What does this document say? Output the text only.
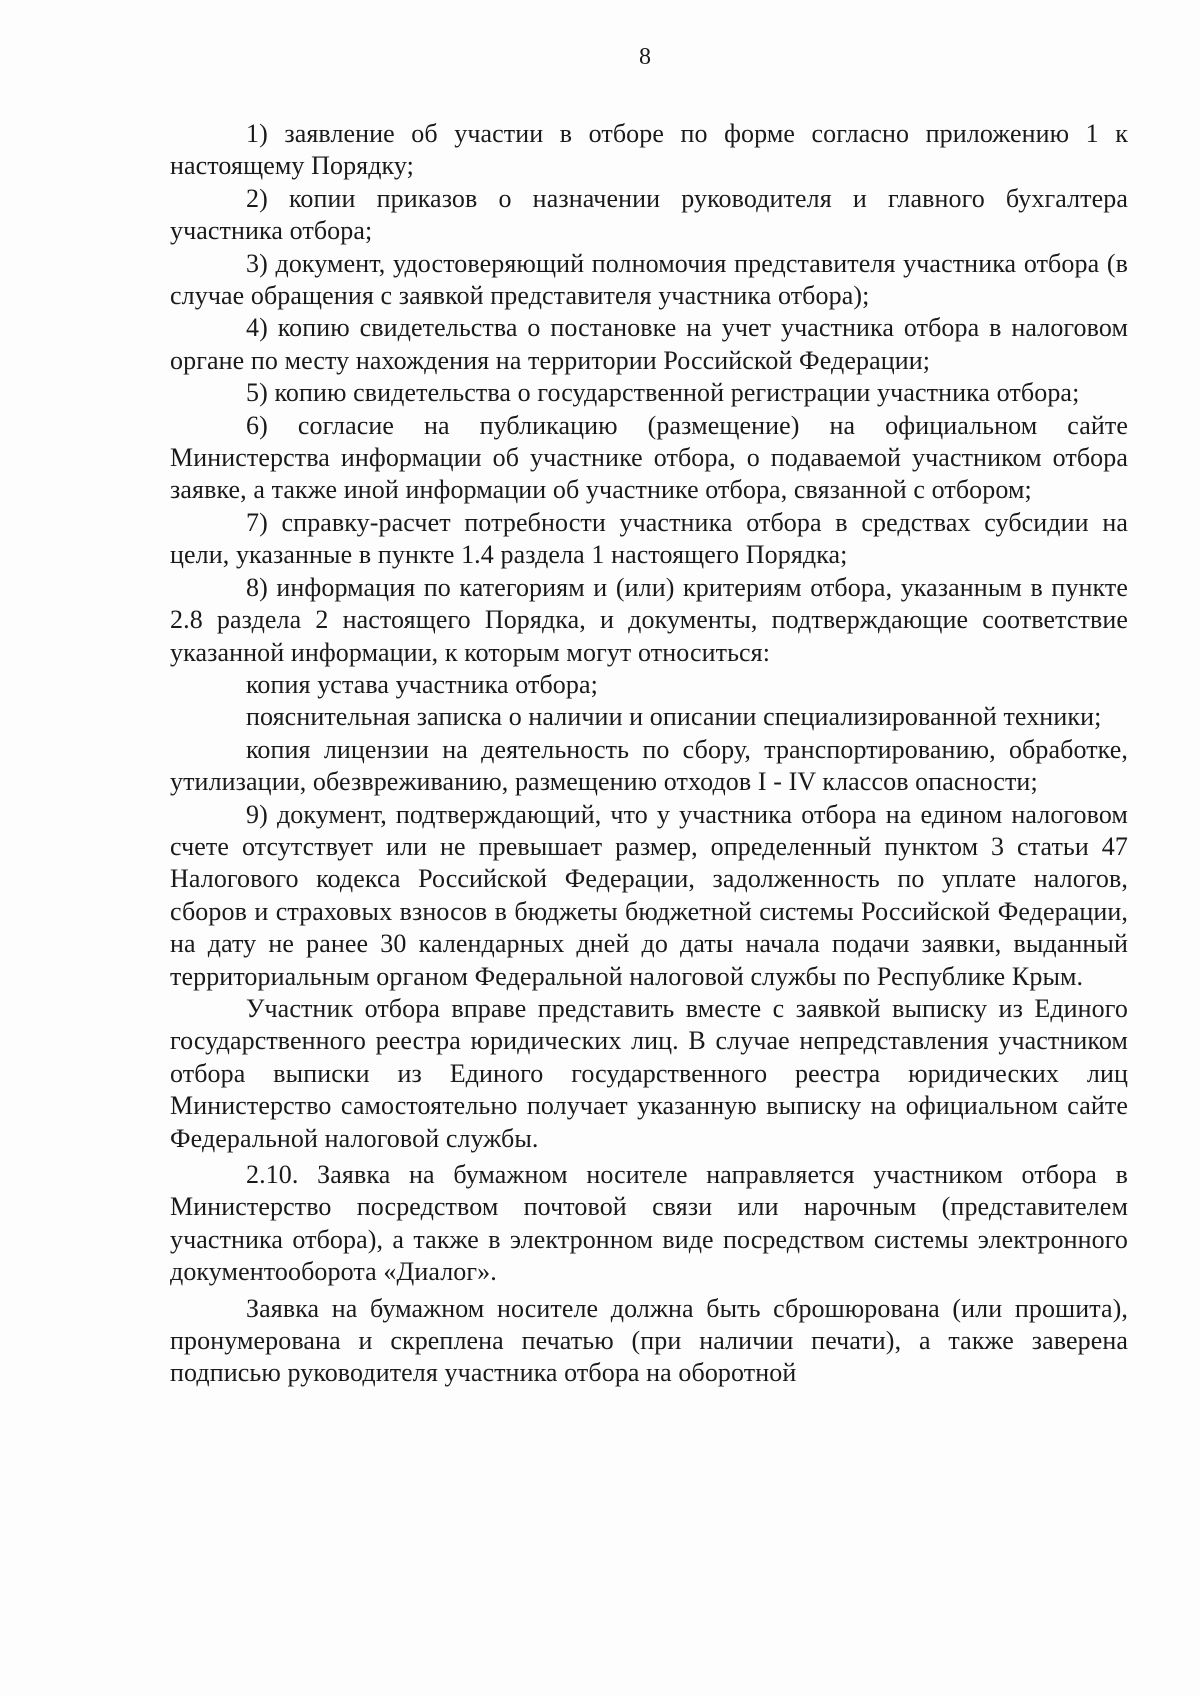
8

1) заявление об участии в отборе по форме согласно приложению 1 к настоящему Порядку;

2) копии приказов о назначении руководителя и главного бухгалтера участника отбора;

3) документ, удостоверяющий полномочия представителя участника отбора (в случае обращения с заявкой представителя участника отбора);

4) копию свидетельства о постановке на учет участника отбора в налоговом органе по месту нахождения на территории Российской Федерации;

5) копию свидетельства о государственной регистрации участника отбора;

6) согласие на публикацию (размещение) на официальном сайте Министерства информации об участнике отбора, о подаваемой участником отбора заявке, а также иной информации об участнике отбора, связанной с отбором;

7) справку-расчет потребности участника отбора в средствах субсидии на цели, указанные в пункте 1.4 раздела 1 настоящего Порядка;

8) информация по категориям и (или) критериям отбора, указанным в пункте 2.8 раздела 2 настоящего Порядка, и документы, подтверждающие соответствие указанной информации, к которым могут относиться:

копия устава участника отбора;

пояснительная записка о наличии и описании специализированной техники;

копия лицензии на деятельность по сбору, транспортированию, обработке, утилизации, обезвреживанию, размещению отходов I - IV классов опасности;

9) документ, подтверждающий, что у участника отбора на едином налоговом счете отсутствует или не превышает размер, определенный пунктом 3 статьи 47 Налогового кодекса Российской Федерации, задолженность по уплате налогов, сборов и страховых взносов в бюджеты бюджетной системы Российской Федерации, на дату не ранее 30 календарных дней до даты начала подачи заявки, выданный территориальным органом Федеральной налоговой службы по Республике Крым.

Участник отбора вправе представить вместе с заявкой выписку из Единого государственного реестра юридических лиц. В случае непредставления участником отбора выписки из Единого государственного реестра юридических лиц Министерство самостоятельно получает указанную выписку на официальном сайте Федеральной налоговой службы.

2.10. Заявка на бумажном носителе направляется участником отбора в Министерство посредством почтовой связи или нарочным (представителем участника отбора), а также в электронном виде посредством системы электронного документооборота «Диалог».

Заявка на бумажном носителе должна быть сброшюрована (или прошита), пронумерована и скреплена печатью (при наличии печати), а также заверена подписью руководителя участника отбора на оборотной
